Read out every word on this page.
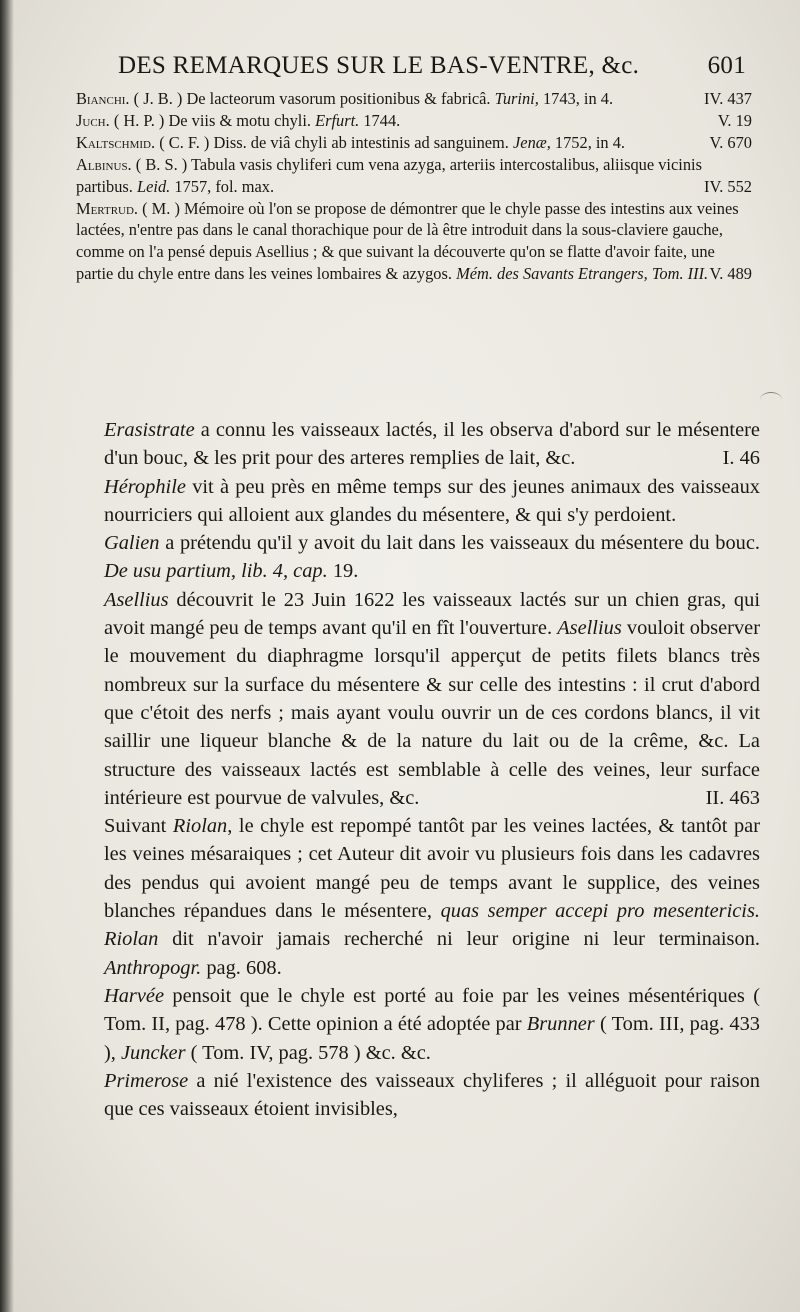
DES REMARQUES SUR LE BAS-VENTRE, &c.	601

Bianchi. ( J. B. ) De lacteorum vasorum positionibus & fabricâ. Turini, 1743, in 4.	IV. 437

Juch. ( H. P. ) De viis & motu chyli. Erfurt. 1744.	V. 19

Kaltschmid. ( C. F. ) Diss. de viâ chyli ab intestinis ad sanguinem. Jenæ, 1752, in 4.	V. 670

Albinus. ( B. S. ) Tabula vasis chyliferi cum vena azyga, arteriis intercostalibus, aliisque vicinis partibus. Leid. 1757, fol. max.	IV. 552

Mertrud. ( M. ) Mémoire où l'on se propose de démontrer que le chyle passe des intestins aux veines lactées, n'entre pas dans le canal thorachique pour de là être introduit dans la sous-claviere gauche, comme on l'a pensé depuis Asellius ; & que suivant la découverte qu'on se flatte d'avoir faite, une partie du chyle entre dans les veines lombaires & azygos. Mém. des Savants Etrangers, Tom. III. V. 489

Erasistrate a connu les vaisseaux lactés, il les observa d'abord sur le mésentere d'un bouc, & les prit pour des arteres remplies de lait, &c.	I. 46

Hérophile vit à peu près en même temps sur des jeunes animaux des vaisseaux nourriciers qui alloient aux glandes du mésentere, & qui s'y perdoient.

Galien a prétendu qu'il y avoit du lait dans les vaisseaux du mésentere du bouc. De usu partium, lib. 4, cap. 19.

Asellius découvrit le 23 Juin 1622 les vaisseaux lactés sur un chien gras, qui avoit mangé peu de temps avant qu'il en fît l'ouverture. Asellius vouloit observer le mouvement du diaphragme lorsqu'il apperçut de petits filets blancs très nombreux sur la surface du mésentere & sur celle des intestins : il crut d'abord que c'étoit des nerfs ; mais ayant voulu ouvrir un de ces cordons blancs, il vit saillir une liqueur blanche & de la nature du lait ou de la crême, &c. La structure des vaisseaux lactés est semblable à celle des veines, leur surface intérieure est pourvue de valvules, &c.	II. 463

Suivant Riolan, le chyle est repompé tantôt par les veines lactées, & tantôt par les veines mésaraiques ; cet Auteur dit avoir vu plusieurs fois dans les cadavres des pendus qui avoient mangé peu de temps avant le supplice, des veines blanches répandues dans le mésentere, quas semper accepi pro mesentericis. Riolan dit n'avoir jamais recherché ni leur origine ni leur terminaison. Anthropogr. pag. 608.

Harvée pensoit que le chyle est porté au foie par les veines mésentériques ( Tom. II, pag. 478 ). Cette opinion a été adoptée par Brunner ( Tom. III, pag. 433 ), Juncker ( Tom. IV, pag. 578 ) &c. &c.

Primerose a nié l'existence des vaisseaux chyliferes ; il alléguoit pour raison que ces vaisseaux étoient invisibles,
